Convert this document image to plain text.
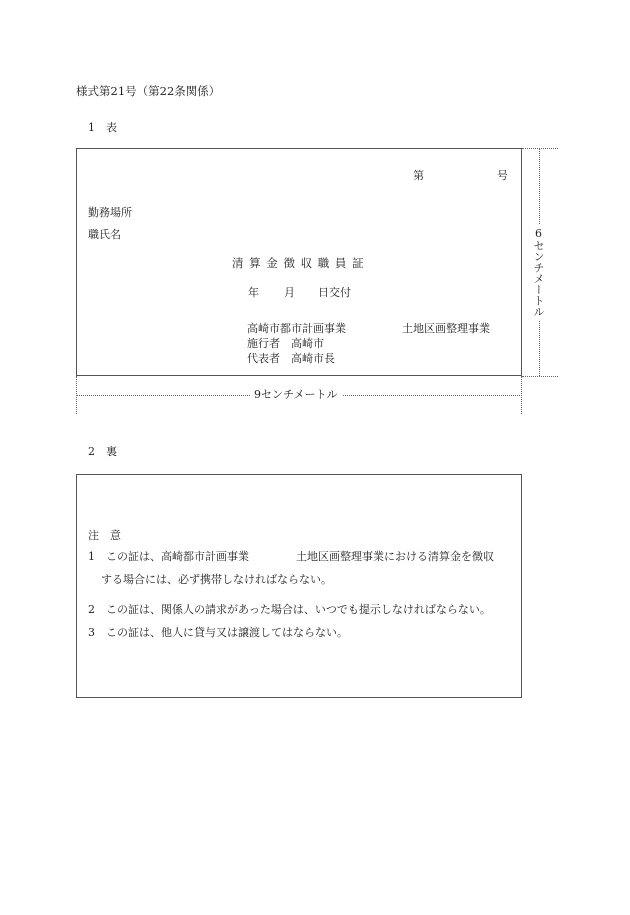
様式第21号（第22条関係）
1　表
第	号
勤務場所
職氏名
清 算 金 徴 収 職 員 証
年 月 日交付
高崎市都市計画事業	土地区画整理事業
施行者　高崎市
代表者　高崎市長
6センチメートル
9センチメートル
2　裏
注　意
1　この証は、高崎都市計画事業	土地区画整理事業における清算金を徴収
する場合には、必ず携帯しなければならない。
2　この証は、関係人の請求があった場合は、いつでも提示しなければならない。
3　この証は、他人に貸与又は譲渡してはならない。
